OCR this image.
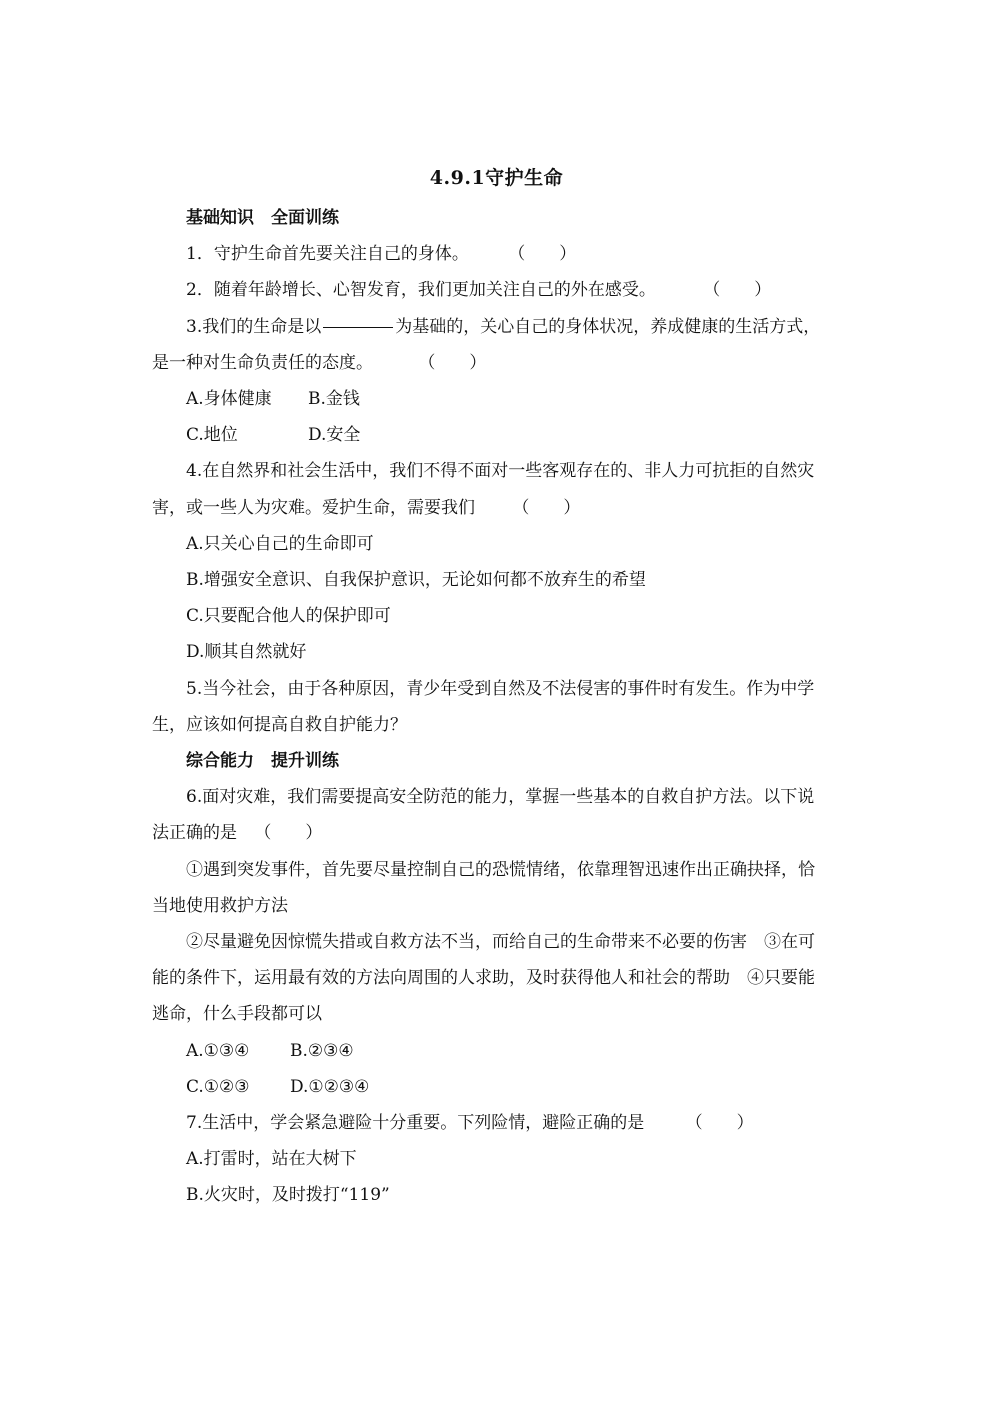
4.9.1守护生命
基础知识　全面训练
1．守护生命首先要关注自己的身体。 （　　）
2．随着年龄增长、心智发育，我们更加关注自己的外在感受。	（　　）
3.我们的生命是以	为基础的，关心自己的身体状况，养成健康的生活方式，
是一种对生命负责任的态度。	（　　）
A.身体健康 B.金钱
C.地位	D.安全
4.在自然界和社会生活中，我们不得不面对一些客观存在的、非人力可抗拒的自然灾
害，或一些人为灾难。爱护生命，需要我们 （　　）
A.只关心自己的生命即可
B.增强安全意识、自我保护意识，无论如何都不放弃生的希望
C.只要配合他人的保护即可
D.顺其自然就好
5.当今社会，由于各种原因，青少年受到自然及不法侵害的事件时有发生。作为中学
生，应该如何提高自救自护能力？
综合能力　提升训练
6.面对灾难，我们需要提高安全防范的能力，掌握一些基本的自救自护方法。以下说
法正确的是 （　　）
①遇到突发事件，首先要尽量控制自己的恐慌情绪，依靠理智迅速作出正确抉择，恰
当地使用救护方法
②尽量避免因惊慌失措或自救方法不当，而给自己的生命带来不必要的伤害　③在可
能的条件下，运用最有效的方法向周围的人求助，及时获得他人和社会的帮助　④只要能
逃命，什么手段都可以
A.①③④ B.②③④
C.①②③ D.①②③④
7.生活中，学会紧急避险十分重要。下列险情，避险正确的是 （　　）
A.打雷时，站在大树下
B.火灾时，及时拨打“119”
